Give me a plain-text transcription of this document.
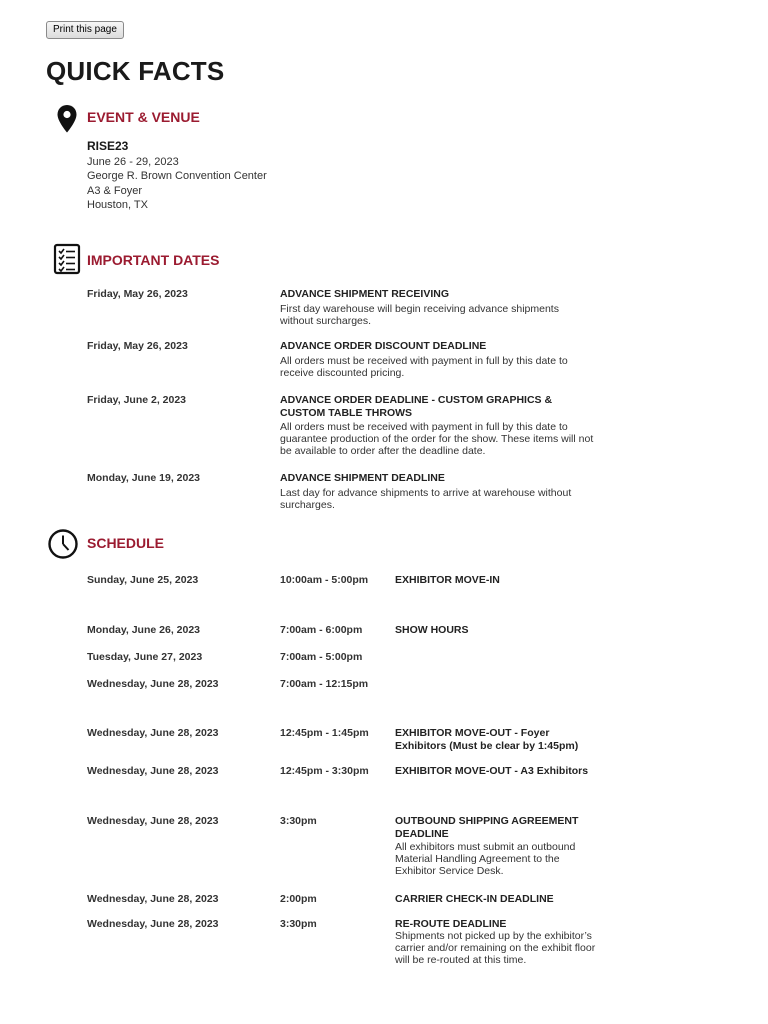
Print this page
QUICK FACTS
EVENT & VENUE
RISE23
June 26 - 29, 2023
George R. Brown Convention Center
A3 & Foyer
Houston, TX
IMPORTANT DATES
Friday, May 26, 2023	ADVANCE SHIPMENT RECEIVING
First day warehouse will begin receiving advance shipments without surcharges.
Friday, May 26, 2023	ADVANCE ORDER DISCOUNT DEADLINE
All orders must be received with payment in full by this date to receive discounted pricing.
Friday, June 2, 2023	ADVANCE ORDER DEADLINE - CUSTOM GRAPHICS & CUSTOM TABLE THROWS
All orders must be received with payment in full by this date to guarantee production of the order for the show. These items will not be available to order after the deadline date.
Monday, June 19, 2023	ADVANCE SHIPMENT DEADLINE
Last day for advance shipments to arrive at warehouse without surcharges.
SCHEDULE
Sunday, June 25, 2023	10:00am - 5:00pm	EXHIBITOR MOVE-IN
Monday, June 26, 2023	7:00am - 6:00pm	SHOW HOURS
Tuesday, June 27, 2023	7:00am - 5:00pm
Wednesday, June 28, 2023	7:00am - 12:15pm
Wednesday, June 28, 2023	12:45pm - 1:45pm	EXHIBITOR MOVE-OUT - Foyer Exhibitors (Must be clear by 1:45pm)
Wednesday, June 28, 2023	12:45pm - 3:30pm	EXHIBITOR MOVE-OUT - A3 Exhibitors
Wednesday, June 28, 2023	3:30pm	OUTBOUND SHIPPING AGREEMENT DEADLINE
All exhibitors must submit an outbound Material Handling Agreement to the Exhibitor Service Desk.
Wednesday, June 28, 2023	2:00pm	CARRIER CHECK-IN DEADLINE
Wednesday, June 28, 2023	3:30pm	RE-ROUTE DEADLINE
Shipments not picked up by the exhibitor’s carrier and/or remaining on the exhibit floor will be re-routed at this time.
